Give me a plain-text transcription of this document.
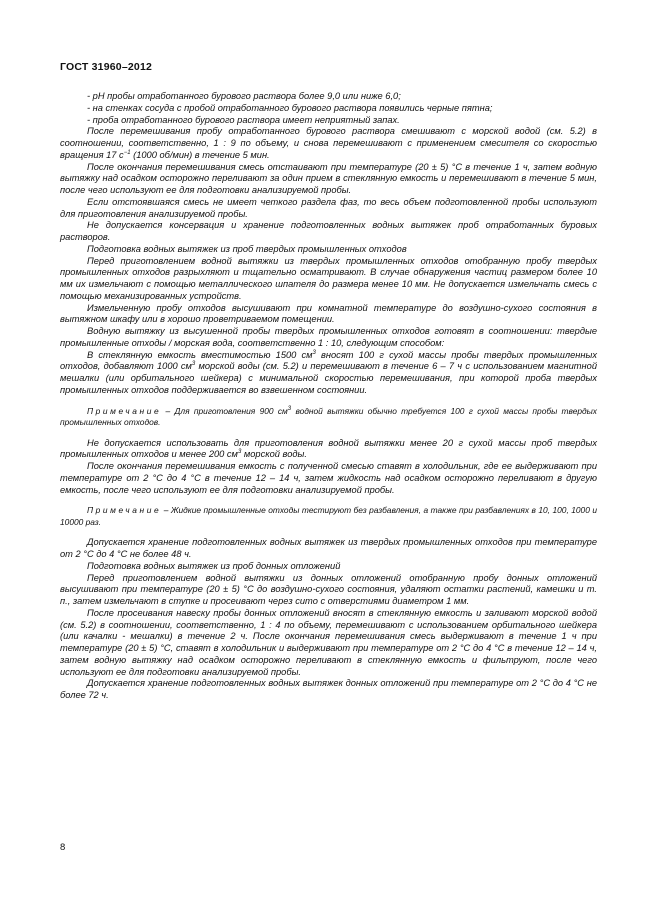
ГОСТ 31960–2012

- pH пробы отработанного бурового раствора более 9,0 или ниже 6,0;

- на стенках сосуда с пробой отработанного бурового раствора появились черные пятна;

- проба отработанного бурового раствора имеет неприятный запах.

После перемешивания пробу отработанного бурового раствора смешивают с морской водой (см. 5.2) в соотношении, соответственно, 1 : 9 по объему, и снова перемешивают с применением смесителя со скоростью вращения 17 $с^{-1}$ (1000 об/мин) в течение 5 мин.

После окончания перемешивания смесь отстаивают при температуре (20 ± 5) °С в течение 1 ч, затем водную вытяжку над осадком осторожно переливают за один прием в стеклянную емкость и перемешивают в течение 5 мин, после чего используют ее для подготовки анализируемой пробы.

Если отстоявшаяся смесь не имеет четкого раздела фаз, то весь объем подготовленной пробы используют для приготовления анализируемой пробы.

Не допускается консервация и хранение подготовленных водных вытяжек проб отработанных буровых растворов.

Подготовка водных вытяжек из проб твердых промышленных отходов

Перед приготовлением водной вытяжки из твердых промышленных отходов отобранную пробу твердых промышленных отходов разрыхляют и тщательно осматривают. В случае обнаружения частиц размером более 10 мм их измельчают с помощью металлического шпателя до размера менее 10 мм. Не допускается измельчать смесь с помощью механизированных устройств.

Измельченную пробу отходов высушивают при комнатной температуре до воздушно-сухого состояния в вытяжном шкафу или в хорошо проветриваемом помещении.

Водную вытяжку из высушенной пробы твердых промышленных отходов готовят в соотношении: твердые промышленные отходы / морская вода, соответственно 1 : 10, следующим способом:

В стеклянную емкость вместимостью 1500 $см^3$ вносят 100 г сухой массы пробы твердых промышленных отходов, добавляют 1000 $см^3$ морской воды (см. 5.2) и перемешивают в течение 6 – 7 ч с использованием магнитной мешалки (или орбитального шейкера) с минимальной скоростью перемешивания, при которой проба твердых промышленных отходов поддерживается во взвешенном состоянии.

Примечание – Для приготовления 900 $см^3$ водной вытяжки обычно требуется 100 г сухой массы пробы твердых промышленных отходов.

Не допускается использовать для приготовления водной вытяжки менее 20 г сухой массы проб твердых промышленных отходов и менее 200 $см^3$ морской воды.

После окончания перемешивания емкость с полученной смесью ставят в холодильник, где ее выдерживают при температуре от 2 °С до 4 °С в течение 12 – 14 ч, затем жидкость над осадком осторожно переливают в другую емкость, после чего используют ее для подготовки анализируемой пробы.

Примечание – Жидкие промышленные отходы тестируют без разбавления, а также при разбавлениях в 10, 100, 1000 и 10000 раз.

Допускается хранение подготовленных водных вытяжек из твердых промышленных отходов при температуре от 2 °С до 4 °С не более 48 ч.

Подготовка водных вытяжек из проб донных отложений

Перед приготовлением водной вытяжки из донных отложений отобранную пробу донных отложений высушивают при температуре (20 ± 5) °С до воздушно-сухого состояния, удаляют остатки растений, камешки и т. п., затем измельчают в ступке и просеивают через сито с отверстиями диаметром 1 мм.

После просеивания навеску пробы донных отложений вносят в стеклянную емкость и заливают морской водой (см. 5.2) в соотношении, соответственно, 1 : 4 по объему, перемешивают с использованием орбитального шейкера (или качалки - мешалки) в течение 2 ч. После окончания перемешивания смесь выдерживают в течение 1 ч при температуре (20 ± 5) °С, ставят в холодильник и выдерживают при температуре от 2 °С до 4 °С в течение 12 – 14 ч, затем водную вытяжку над осадком осторожно переливают в стеклянную емкость и фильтруют, после чего используют ее для подготовки анализируемой пробы.

Допускается хранение подготовленных водных вытяжек донных отложений при температуре от 2 °С до 4 °С не более 72 ч.

8
